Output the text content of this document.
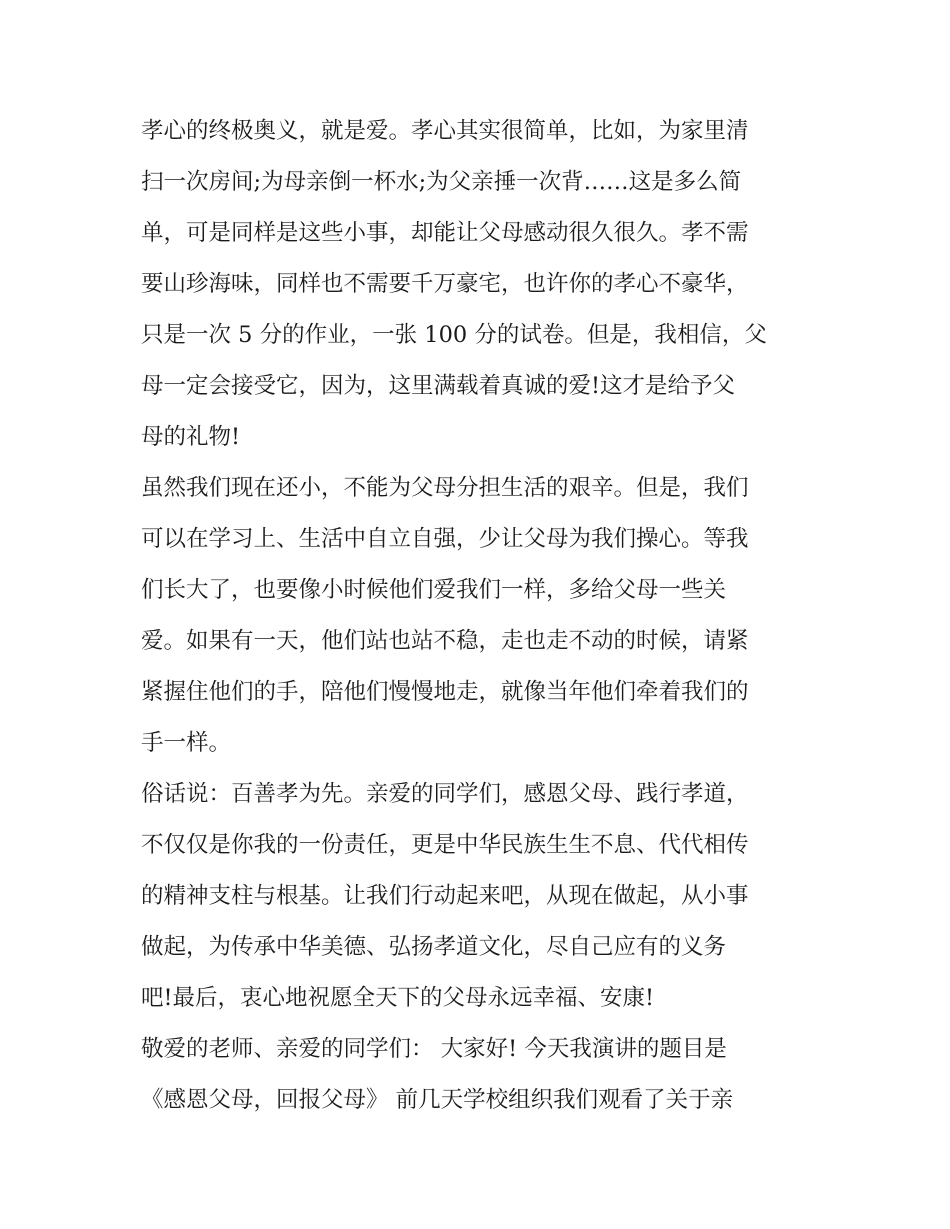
孝心的终极奥义，就是爱。孝心其实很简单，比如，为家里清
扫一次房间;为母亲倒一杯水;为父亲捶一次背……这是多么简
单，可是同样是这些小事，却能让父母感动很久很久。孝不需
要山珍海味，同样也不需要千万豪宅，也许你的孝心不豪华，
只是一次 5 分的作业，一张 100 分的试卷。但是，我相信，父
母一定会接受它，因为，这里满载着真诚的爱!这才是给予父
母的礼物!
虽然我们现在还小，不能为父母分担生活的艰辛。但是，我们
可以在学习上、生活中自立自强，少让父母为我们操心。等我
们长大了，也要像小时候他们爱我们一样，多给父母一些关
爱。如果有一天，他们站也站不稳，走也走不动的时候，请紧
紧握住他们的手，陪他们慢慢地走，就像当年他们牵着我们的
手一样。
俗话说：百善孝为先。亲爱的同学们，感恩父母、践行孝道，
不仅仅是你我的一份责任，更是中华民族生生不息、代代相传
的精神支柱与根基。让我们行动起来吧，从现在做起，从小事
做起，为传承中华美德、弘扬孝道文化，尽自己应有的义务
吧!最后，衷心地祝愿全天下的父母永远幸福、安康!
敬爱的老师、亲爱的同学们： 大家好! 今天我演讲的题目是
《感恩父母，回报父母》 前几天学校组织我们观看了关于亲
